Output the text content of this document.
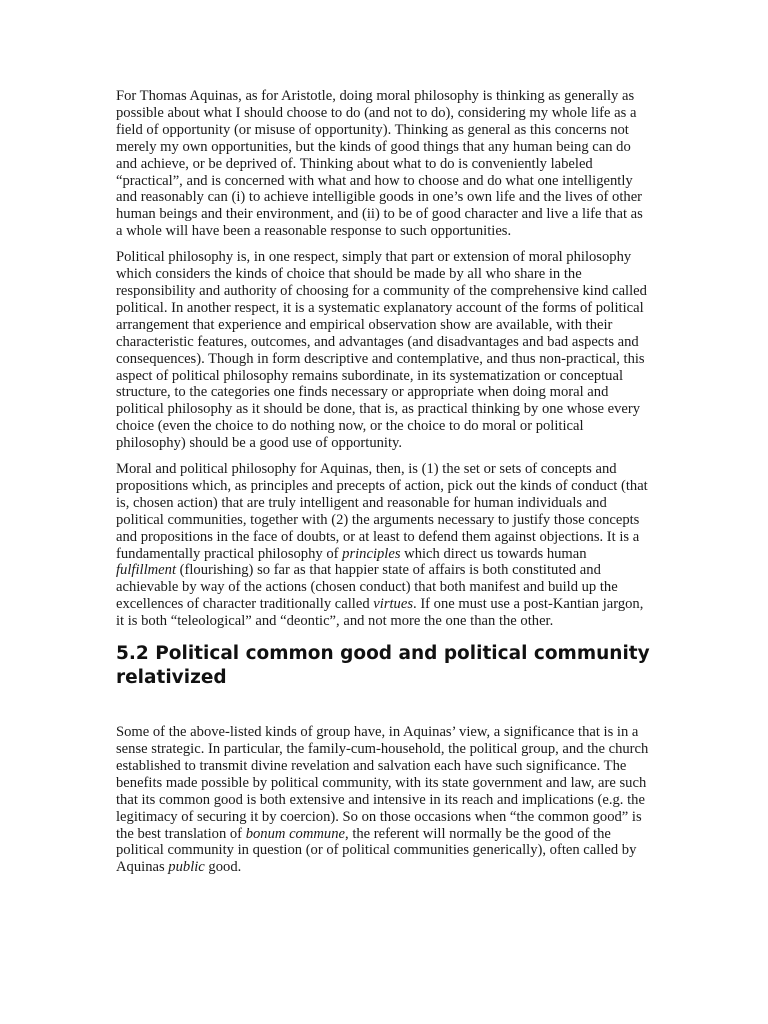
For Thomas Aquinas, as for Aristotle, doing moral philosophy is thinking as generally as possible about what I should choose to do (and not to do), considering my whole life as a field of opportunity (or misuse of opportunity). Thinking as general as this concerns not merely my own opportunities, but the kinds of good things that any human being can do and achieve, or be deprived of. Thinking about what to do is conveniently labeled “practical”, and is concerned with what and how to choose and do what one intelligently and reasonably can (i) to achieve intelligible goods in one’s own life and the lives of other human beings and their environment, and (ii) to be of good character and live a life that as a whole will have been a reasonable response to such opportunities.

Political philosophy is, in one respect, simply that part or extension of moral philosophy which considers the kinds of choice that should be made by all who share in the responsibility and authority of choosing for a community of the comprehensive kind called political. In another respect, it is a systematic explanatory account of the forms of political arrangement that experience and empirical observation show are available, with their characteristic features, outcomes, and advantages (and disadvantages and bad aspects and consequences). Though in form descriptive and contemplative, and thus non-practical, this aspect of political philosophy remains subordinate, in its systematization or conceptual structure, to the categories one finds necessary or appropriate when doing moral and political philosophy as it should be done, that is, as practical thinking by one whose every choice (even the choice to do nothing now, or the choice to do moral or political philosophy) should be a good use of opportunity.

Moral and political philosophy for Aquinas, then, is (1) the set or sets of concepts and propositions which, as principles and precepts of action, pick out the kinds of conduct (that is, chosen action) that are truly intelligent and reasonable for human individuals and political communities, together with (2) the arguments necessary to justify those concepts and propositions in the face of doubts, or at least to defend them against objections. It is a fundamentally practical philosophy of principles which direct us towards human fulfillment (flourishing) so far as that happier state of affairs is both constituted and achievable by way of the actions (chosen conduct) that both manifest and build up the excellences of character traditionally called virtues. If one must use a post-Kantian jargon, it is both “teleological” and “deontic”, and not more the one than the other.

5.2 Political common good and political community relativized

Some of the above-listed kinds of group have, in Aquinas’ view, a significance that is in a sense strategic. In particular, the family-cum-household, the political group, and the church established to transmit divine revelation and salvation each have such significance. The benefits made possible by political community, with its state government and law, are such that its common good is both extensive and intensive in its reach and implications (e.g. the legitimacy of securing it by coercion). So on those occasions when “the common good” is the best translation of bonum commune, the referent will normally be the good of the political community in question (or of political communities generically), often called by Aquinas public good.
